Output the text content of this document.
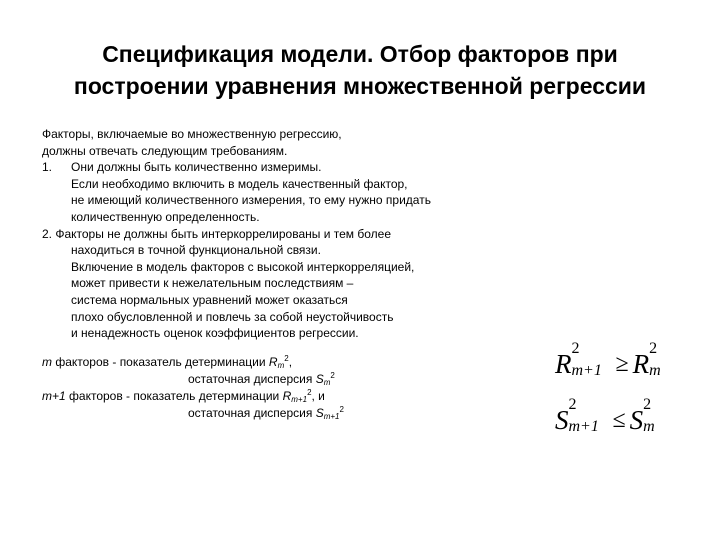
Спецификация модели. Отбор факторов при
построении уравнения множественной регрессии
Факторы, включаемые во множественную регрессию,
должны отвечать следующим требованиям.
1. Они должны быть количественно измеримы.
Если необходимо включить в модель качественный фактор,
не имеющий количественного измерения, то ему нужно придать
количественную определенность.
2. Факторы не должны быть интеркоррелированы и тем более
находиться в точной функциональной связи.
Включение в модель факторов с высокой интеркорреляцией,
может привести к нежелательным последствиям –
система нормальных уравнений может оказаться
плохо обусловленной и повлечь за собой неустойчивость
и ненадежность оценок коэффициентов регрессии.
m факторов - показатель детерминации $R_m^2$,
остаточная дисперсия $S_m^2$
m+1 факторов - показатель детерминации $R_{m+1}^2$, и
остаточная дисперсия $S_{m+1}^2$
R
2
m+1 ≥ R
2
m
S
2
m+1 ≤ S
2
m
